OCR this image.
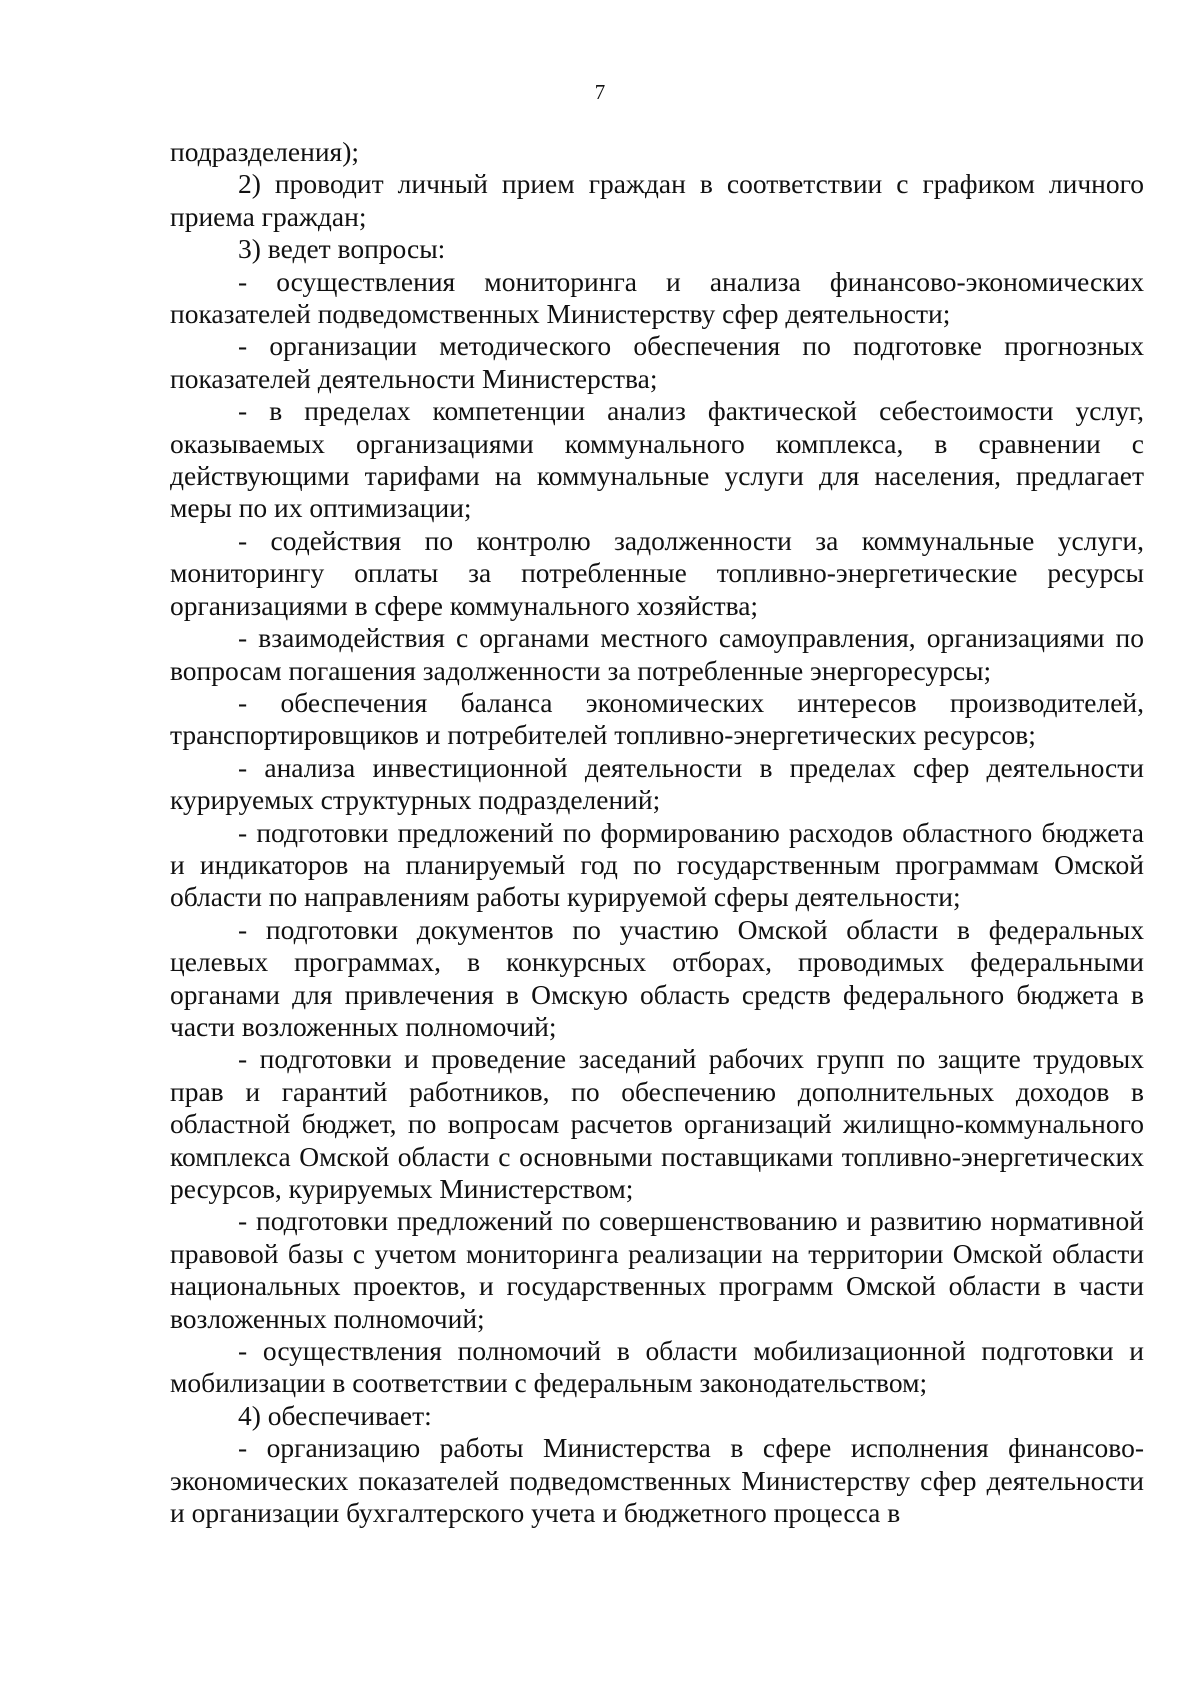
7

подразделения);

2) проводит личный прием граждан в соответствии с графиком личного приема граждан;

3) ведет вопросы:

- осуществления мониторинга и анализа финансово-экономических показателей подведомственных Министерству сфер деятельности;

- организации методического обеспечения по подготовке прогнозных показателей деятельности Министерства;

- в пределах компетенции анализ фактической себестоимости услуг, оказываемых организациями коммунального комплекса, в сравнении с действующими тарифами на коммунальные услуги для населения, предлагает меры по их оптимизации;

- содействия по контролю задолженности за коммунальные услуги, мониторингу оплаты за потребленные топливно-энергетические ресурсы организациями в сфере коммунального хозяйства;

- взаимодействия с органами местного самоуправления, организациями по вопросам погашения задолженности за потребленные энергоресурсы;

- обеспечения баланса экономических интересов производителей, транспортировщиков и потребителей топливно-энергетических ресурсов;

- анализа инвестиционной деятельности в пределах сфер деятельности курируемых структурных подразделений;

- подготовки предложений по формированию расходов областного бюджета и индикаторов на планируемый год по государственным программам Омской области по направлениям работы курируемой сферы деятельности;

- подготовки документов по участию Омской области в федеральных целевых программах, в конкурсных отборах, проводимых федеральными органами для привлечения в Омскую область средств федерального бюджета в части возложенных полномочий;

- подготовки и проведение заседаний рабочих групп по защите трудовых прав и гарантий работников, по обеспечению дополнительных доходов в областной бюджет, по вопросам расчетов организаций жилищно-коммунального комплекса Омской области с основными поставщиками топливно-энергетических ресурсов, курируемых Министерством;

- подготовки предложений по совершенствованию и развитию нормативной правовой базы с учетом мониторинга реализации на территории Омской области национальных проектов, и государственных программ Омской области в части возложенных полномочий;

- осуществления полномочий в области мобилизационной подготовки и мобилизации в соответствии с федеральным законодательством;

4) обеспечивает:

- организацию работы Министерства в сфере исполнения финансово-экономических показателей подведомственных Министерству сфер деятельности и организации бухгалтерского учета и бюджетного процесса в
